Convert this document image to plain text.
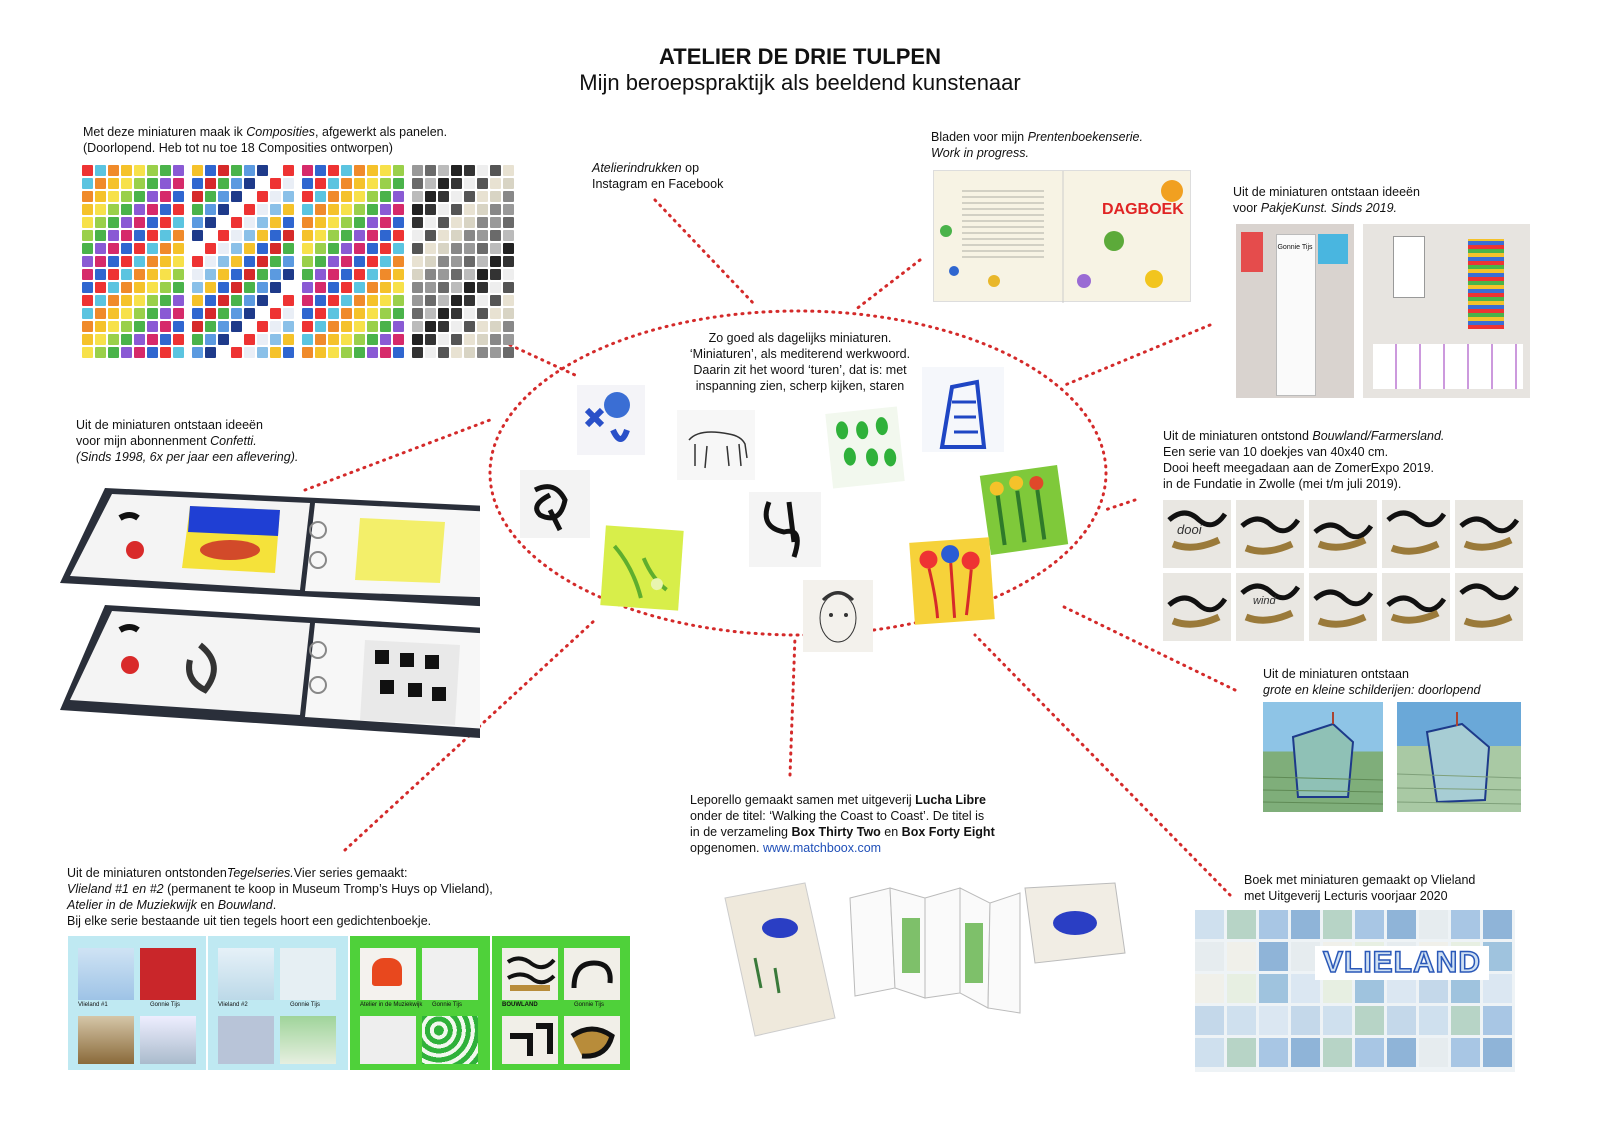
ATELIER DE DRIE TULPEN
Mijn beroepspraktijk als beeldend kunstenaar
Zo goed als dagelijks miniaturen.
‘Miniaturen’, als mediterend werkwoord.
Daarin zit het woord ‘turen’, dat is: met
inspanning zien, scherp kijken, staren
Met deze miniaturen maak ik Composities, afgewerkt als panelen.
(Doorlopend. Heb tot nu toe 18 Composities ontworpen)
Atelierindrukken op
Instagram en Facebook
Bladen voor mijn Prentenboekenserie.
Work in progress.
DAGBOEK
Uit de miniaturen ontstaan ideeën
voor PakjeKunst. Sinds 2019.
Gonnie Tijs
Uit de miniaturen ontstaan ideeën
voor mijn abonnenment Confetti.
(Sinds 1998, 6x per jaar een aflevering).
Uit de miniaturen ontstond Bouwland/Farmersland.
Een serie van 10 doekjes van 40x40 cm.
Dooi heeft meegadaan aan de ZomerExpo 2019.
in de Fundatie in Zwolle (mei t/m juli 2019).
dooi
wind
Uit de miniaturen ontstaan
grote en kleine schilderijen: doorlopend
Leporello gemaakt samen met uitgeverij Lucha Libre
onder de titel: ‘Walking the Coast to Coast’. De titel is
in de verzameling Box Thirty Two en Box Forty Eight
opgenomen. www.matchboox.com
Boek met miniaturen gemaakt op Vlieland
met Uitgeverij Lecturis voorjaar 2020
VLIELAND
Uit de miniaturen ontstondenTegelseries.Vier series gemaakt:
Vlieland #1 en #2 (permanent te koop in Museum Tromp’s Huys op Vlieland),
Atelier in de Muziekwijk en Bouwland.
Bij elke serie bestaande uit tien tegels hoort een gedichtenboekje.
Vlieland #1	Gonnie Tijs	Vlieland #2	Gonnie Tijs	Atelier in de Muziekwijk Gonnie Tijs	BOUWLAND	Gonnie Tijs
